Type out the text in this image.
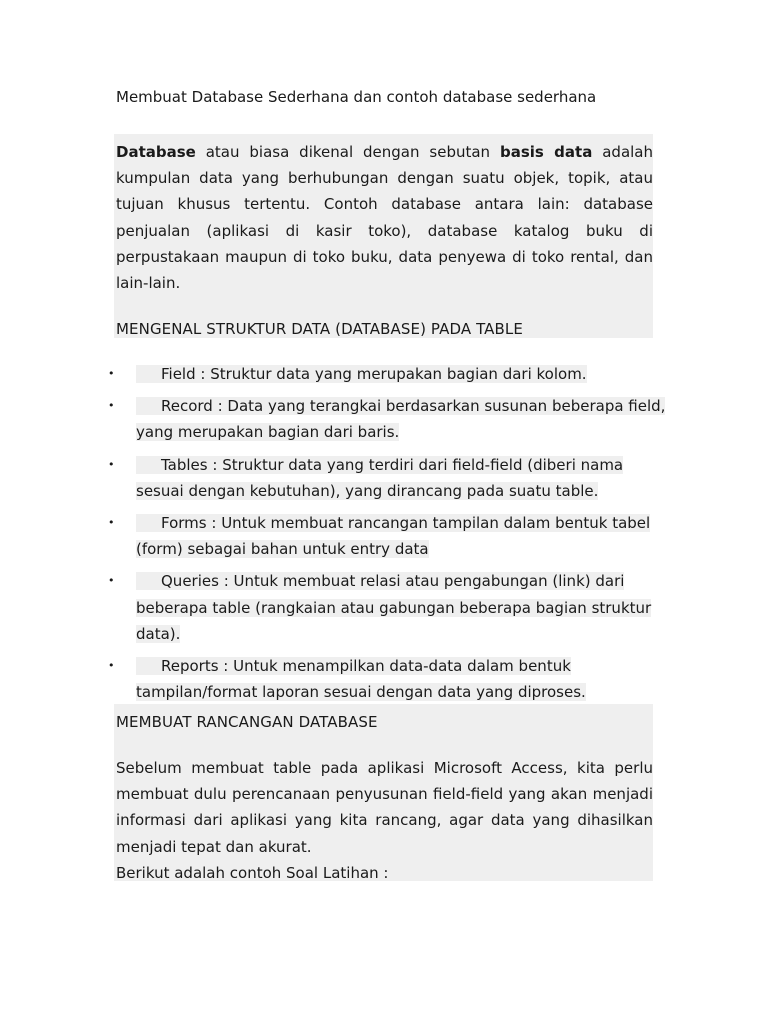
Membuat Database Sederhana dan contoh database sederhana

Database atau biasa dikenal dengan sebutan basis data adalah kumpulan data yang berhubungan dengan suatu objek, topik, atau tujuan khusus tertentu. Contoh database antara lain: database penjualan (aplikasi di kasir toko), database katalog buku di perpustakaan maupun di toko buku, data penyewa di toko rental, dan lain-lain.

MENGENAL STRUKTUR DATA (DATABASE) PADA TABLE
•	Field : Struktur data yang merupakan bagian dari kolom.
•	Record : Data yang terangkai berdasarkan susunan beberapa field, yang merupakan bagian dari baris.
•	Tables : Struktur data yang terdiri dari field-field (diberi nama sesuai dengan kebutuhan), yang dirancang pada suatu table.
•	Forms : Untuk membuat rancangan tampilan dalam bentuk tabel (form) sebagai bahan untuk entry data
•	Queries : Untuk membuat relasi atau pengabungan (link) dari beberapa table (rangkaian atau gabungan beberapa bagian struktur data).
•	Reports : Untuk menampilkan data-data dalam bentuk tampilan/format laporan sesuai dengan data yang diproses.
MEMBUAT RANCANGAN DATABASE

Sebelum membuat table pada aplikasi Microsoft Access, kita perlu membuat dulu perencanaan penyusunan field-field yang akan menjadi informasi dari aplikasi yang kita rancang, agar data yang dihasilkan menjadi tepat dan akurat.

Berikut adalah contoh Soal Latihan :
